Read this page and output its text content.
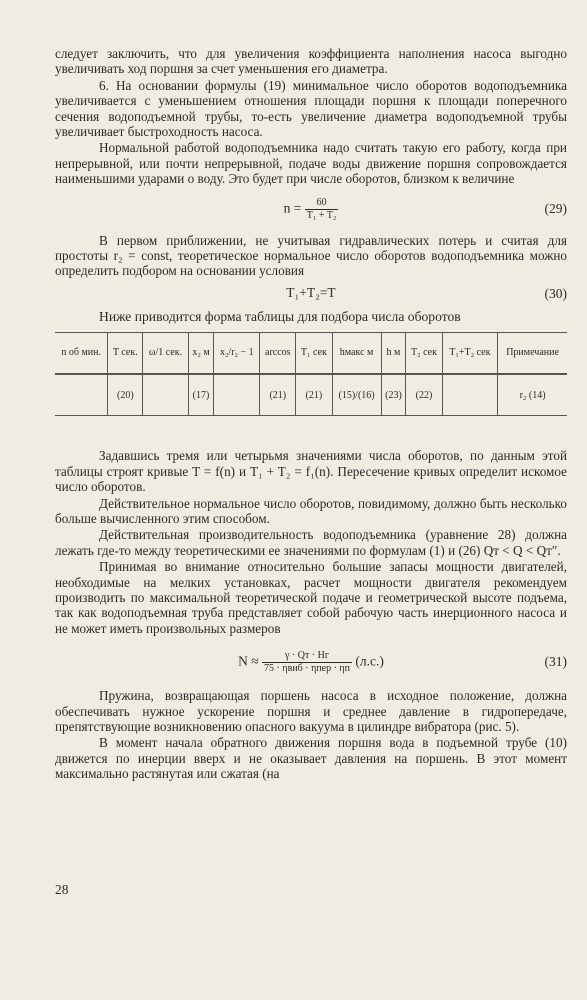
следует заключить, что для увеличения коэффициента наполнения насоса выгодно увеличивать ход поршня за счет уменьшения его диаметра.

6. На основании формулы (19) минимальное число оборотов водоподъемника увеличивается с уменьшением отношения площади поршня к площади поперечного сечения водоподъемной трубы, то-есть увеличение диаметра водоподъемной трубы увеличивает быстроходность насоса.

Нормальной работой водоподъемника надо считать такую его работу, когда при непрерывной, или почти непрерывной, подаче воды движение поршня сопровождается наименьшими ударами о воду. Это будет при числе оборотов, близком к величине

$n = \frac{60}{\text{T₁ + T₂}}$	(29)

В первом приближении, не учитывая гидравлических потерь и считая для простоты r₂ = const, теоретическое нормальное число оборотов водоподъемника можно определить подбором на основании условия

T₁+T₂=T	(30)

Ниже приводится форма таблицы для подбора числа оборотов

n об мин.	T сек.	ω/1 сек.	x₂ м	x₂/r₂ − 1	arccos	T₁ сек	hмакс м	h м	T₂ сек	T₁+T₂ сек	Примечание
	(20)		(17)		(21)	(21)	(15)/(16)	(23)	(22)		r₂ (14)

Задавшись тремя или четырьмя значениями числа оборотов, по данным этой таблицы строят кривые T = f(n) и T₁ + T₂ = f₁(n). Пересечение кривых определит искомое число оборотов.

Действительное нормальное число оборотов, повидимому, должно быть несколько больше вычисленного этим способом.

Действительная производительность водоподъемника (уравнение 28) должна лежать где-то между теоретическими ее значениями по формулам (1) и (26) Qт < Q < Qт″.

Принимая во внимание относительно большие запасы мощности двигателей, необходимые на мелких установках, расчет мощности двигателя рекомендуем производить по максимальной теоретической подаче и геометрической высоте подъема, так как водоподъемная труба представляет собой рабочую часть инерционного насоса и не может иметь произвольных размеров

$N \approx \frac{\gamma \cdot Qт \cdot Hг}{\text{75 · ηвиб · ηпер · ηп}} (л.с.)$	(31)

Пружина, возвращающая поршень насоса в исходное положение, должна обеспечивать нужное ускорение поршня и среднее давление в гидропередаче, препятствующие возникновению опасного вакуума в цилиндре вибратора (рис. 5).

В момент начала обратного движения поршня вода в подъемной трубе (10) движется по инерции вверх и не оказывает давления на поршень. В этот момент максимально растянутая или сжатая (на

28
